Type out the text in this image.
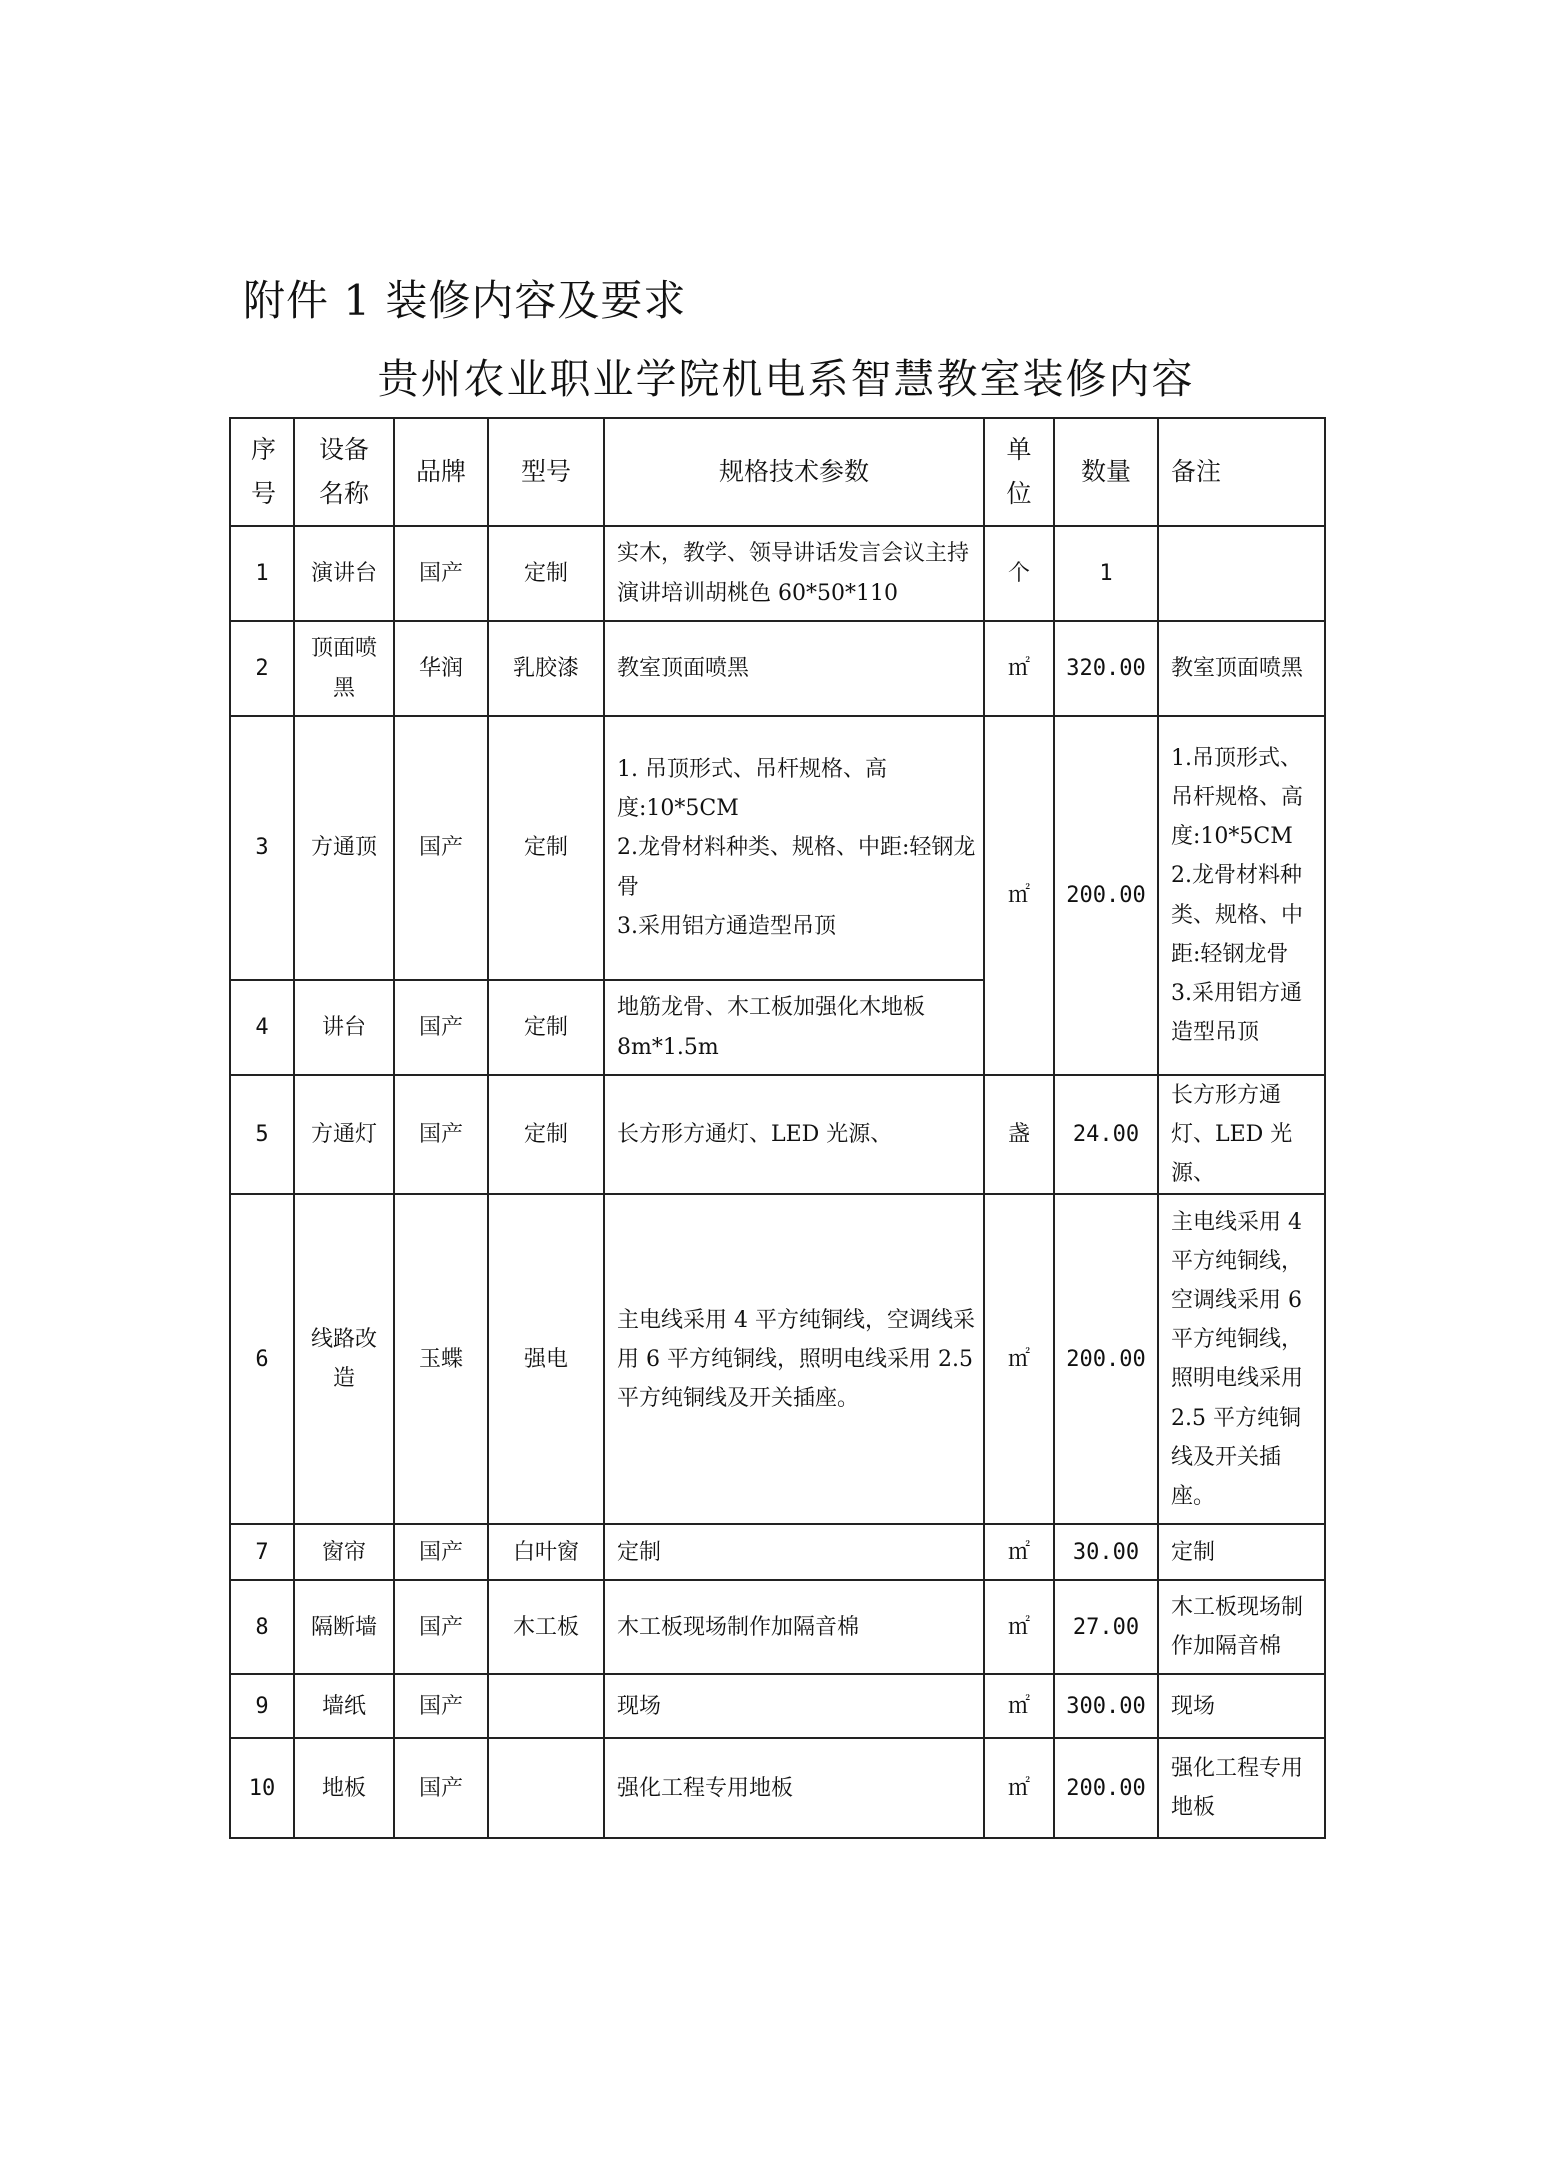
附件 1 装修内容及要求
贵州农业职业学院机电系智慧教室装修内容
序号	设备名称	品牌	型号	规格技术参数	单位	数量	备注
1	演讲台	国产	定制	实木，教学、领导讲话发言会议主持演讲培训胡桃色 60*50*110	个	1	
2	顶面喷黑	华润	乳胶漆	教室顶面喷黑	㎡	320.00	教室顶面喷黑
3	方通顶	国产	定制	1. 吊顶形式、吊杆规格、高度:10*5CM
2.龙骨材料种类、规格、中距:轻钢龙骨
3.采用铝方通造型吊顶	㎡	200.00	1.吊顶形式、吊杆规格、高度:10*5CM
2.龙骨材料种类、规格、中距:轻钢龙骨
3.采用铝方通造型吊顶
4	讲台	国产	定制	地筋龙骨、木工板加强化木地板8m*1.5m			
5	方通灯	国产	定制	长方形方通灯、LED 光源、	盏	24.00	长方形方通灯、LED 光源、
6	线路改造	玉蝶	强电	主电线采用 4 平方纯铜线，空调线采用 6 平方纯铜线，照明电线采用 2.5 平方纯铜线及开关插座。	㎡	200.00	主电线采用 4 平方纯铜线，空调线采用 6 平方纯铜线，照明电线采用 2.5 平方纯铜线及开关插座。
7	窗帘	国产	白叶窗	定制	㎡	30.00	定制
8	隔断墙	国产	木工板	木工板现场制作加隔音棉	㎡	27.00	木工板现场制作加隔音棉
9	墙纸	国产		现场	㎡	300.00	现场
10	地板	国产		强化工程专用地板	㎡	200.00	强化工程专用地板
